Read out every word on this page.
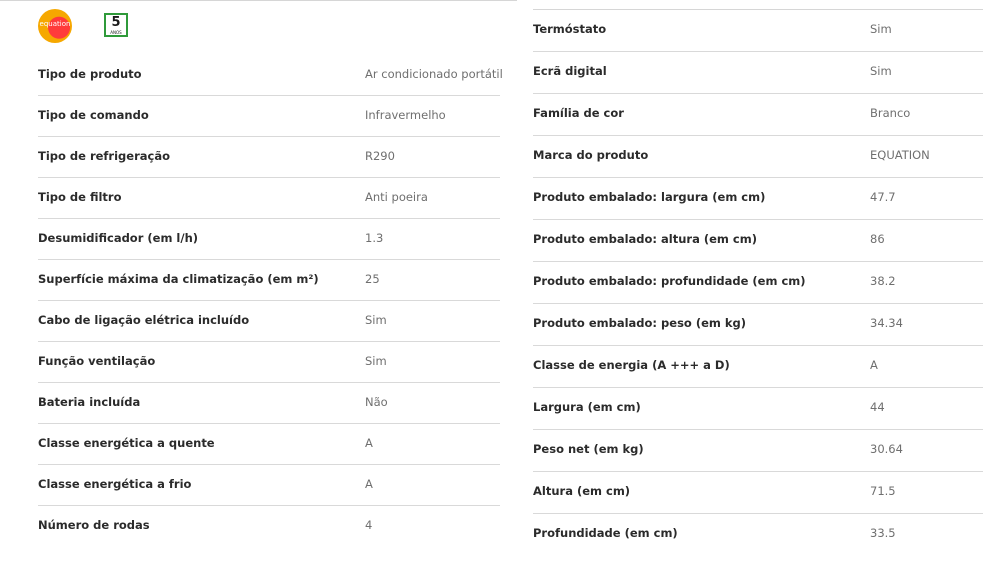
equation	5
ANOS
Tipo de produto	Ar condicionado portátil
Tipo de comando	Infravermelho
Tipo de refrigeração	R290
Tipo de filtro	Anti poeira
Desumidificador (em l/h)	1.3
Superfície máxima da climatização (em m²)	25
Cabo de ligação elétrica incluído	Sim
Função ventilação	Sim
Bateria incluída	Não
Classe energética a quente	A
Classe energética a frio	A
Número de rodas	4
Termóstato	Sim
Ecrã digital	Sim
Família de cor	Branco
Marca do produto	EQUATION
Produto embalado: largura (em cm)	47.7
Produto embalado: altura (em cm)	86
Produto embalado: profundidade (em cm)	38.2
Produto embalado: peso (em kg)	34.34
Classe de energia (A +++ a D)	A
Largura (em cm)	44
Peso net (em kg)	30.64
Altura (em cm)	71.5
Profundidade (em cm)	33.5
